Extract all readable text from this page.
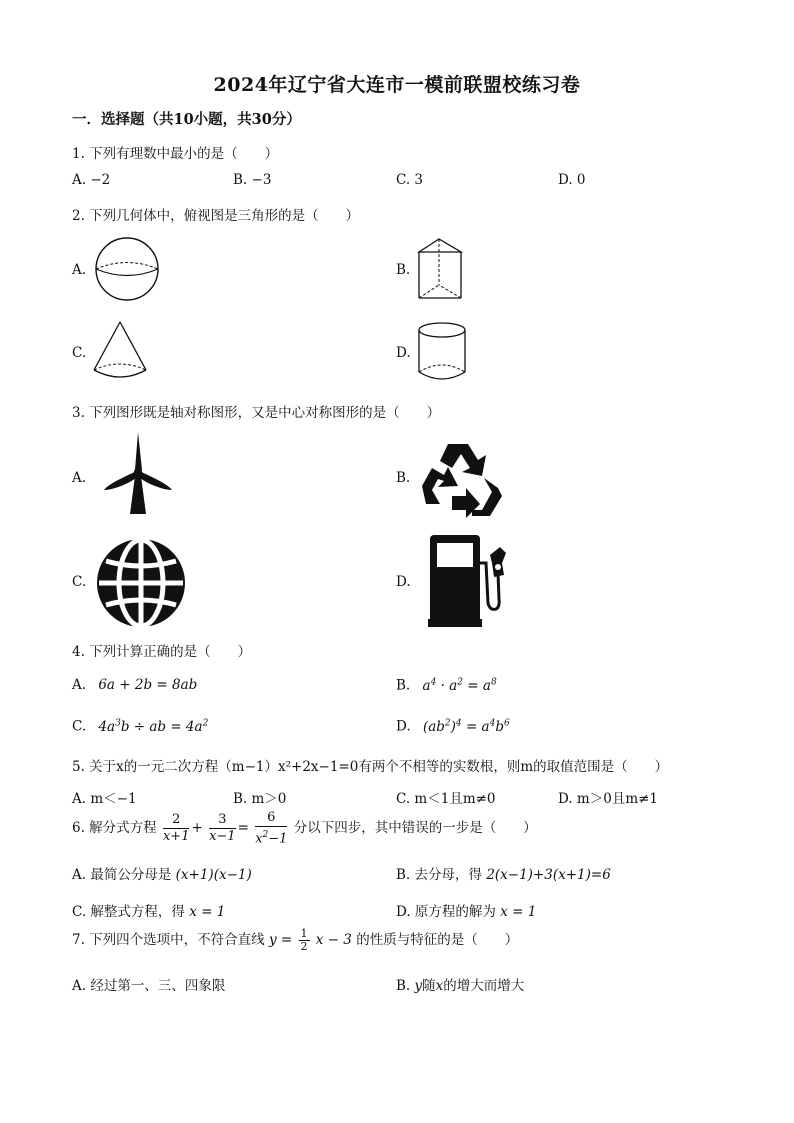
2024年辽宁省大连市一模前联盟校练习卷
一．选择题（共10小题，共30分）
1. 下列有理数中最小的是（　　）
A. −2	B. −3	C. 3	D. 0
2. 下列几何体中，俯视图是三角形的是（　　）
A.	B.
C.	D.
3. 下列图形既是轴对称图形，又是中心对称图形的是（　　）
A.	B.
C.	D.
4. 下列计算正确的是（　　）
A. 6a + 2b = 8ab	B. $a^4 \cdot a^2 = a^8$
C. $4a^3b$ ÷ ab = $4a^2$	D. $(ab^2)^4 = a^4b^6$
5. 关于x的一元二次方程（m−1）x²+2x−1=0有两个不相等的实数根，则m的取值范围是（　　）
A. m＜−1	B. m＞0	C. m＜1且m≠0	D. m＞0且m≠1
6. 解分式方程 $\frac{2}{x+1} + \frac{3}{x-1} = \frac{6}{x^2-1}$ 分以下四步，其中错误的一步是（　　）
A. 最简公分母是 (x+1)(x−1)	B. 去分母，得 2(x−1)+3(x+1)=6
C. 解整式方程，得 x = 1	D. 原方程的解为 x = 1
7. 下列四个选项中，不符合直线 $y = \frac{1}{2}$ x − 3 的性质与特征的是（　　）
A. 经过第一、三、四象限	B. y随x的增大而增大
